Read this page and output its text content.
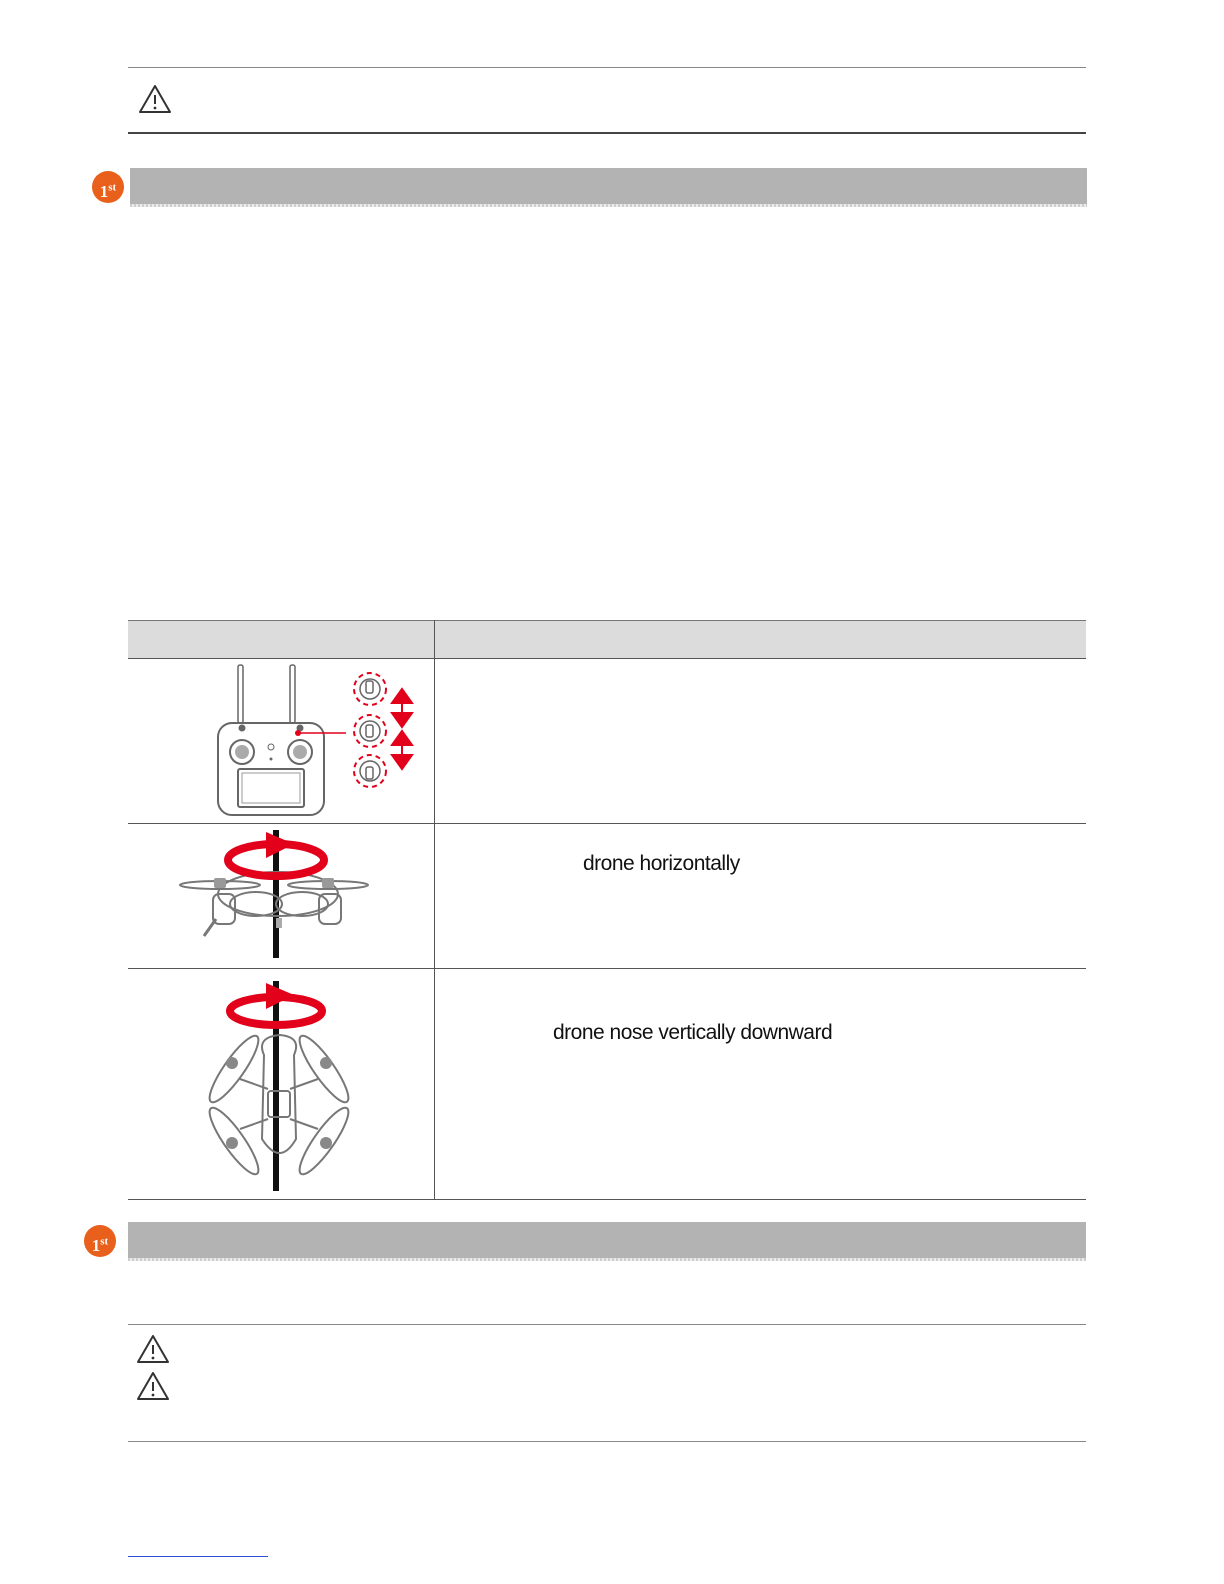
1st

drone horizontally

drone nose vertically downward
1st
